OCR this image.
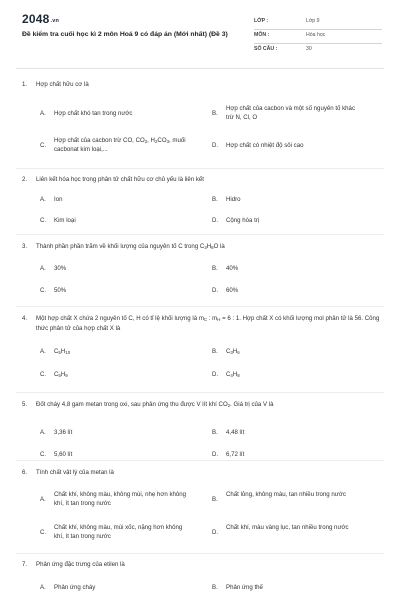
2048.vn
Đề kiểm tra cuối học kì 2 môn Hoá 9 có đáp án (Mới nhất) (Đề 3)
LỚP :	Lớp 9
MÔN :	Hóa học
SỐ CÂU :	30
1. Hợp chất hữu cơ là
A. Hợp chất khó tan trong nước	B.
Hợp chất của cacbon và một số nguyên tố khác trừ N, Cl, O
C.
Hợp chất của cacbon trừ CO, $CO_2$, $H_2CO_3$, muối cacbonat kim loại,...
D. Hợp chất có nhiệt độ sôi cao
2. Liên kết hóa học trong phân tử chất hữu cơ chủ yếu là liên kết
A. Ion	B. Hidro
C. Kim loại	D. Cộng hóa trị
3. Thành phần phần trăm về khối lượng của nguyên tố C trong $C_3H_8O$ là
A. 30%	B. 40%
C. 50%	D. 60%
4. Một hợp chất X chứa 2 nguyên tố C, H có tỉ lệ khối lượng là $m_C$ : $m_H = 6$ : 1. Hợp chất X có khối lượng mol phân tử là 56. Công thức phân tử của hợp chất X là
A. $C_5H_{10}$	B. $C_3H_6$
C. $C_5H_9$	D. $C_4H_8$
5. Đốt cháy 4,8 gam metan trong oxi, sau phản ứng thu được V lít khí $CO_2$. Giá trị của V là
A. 3,36 lít	B. 4,48 lít
C. 5,60 lít	D. 6,72 lít
6. Tính chất vật lý của metan là
A.
Chất khí, không màu, không mùi, nhẹ hơn không khí, ít tan trong nước
B.
Chất lỏng, không màu, tan nhiều trong nước
C.
Chất khí, không màu, mùi xốc, nặng hơn không khí, ít tan trong nước
D.
Chất khí, màu vàng lục, tan nhiều trong nước
7. Phản ứng đặc trưng của etilen là
A. Phản ứng cháy	B. Phản ứng thế
